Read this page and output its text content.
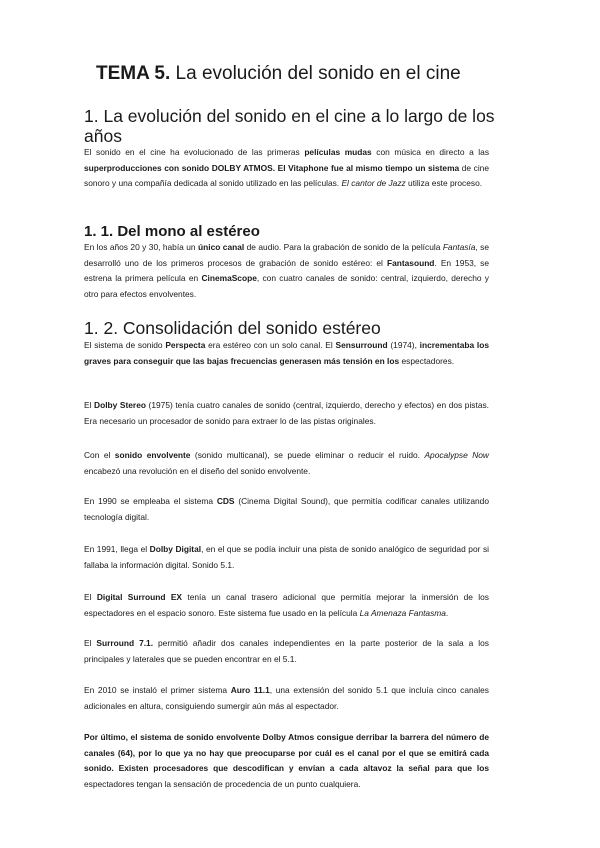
TEMA 5. La evolución del sonido en el cine
1. La evolución del sonido en el cine a lo largo de los años
El sonido en el cine ha evolucionado de las primeras películas mudas con música en directo a las superproducciones con sonido DOLBY ATMOS. El Vitaphone fue al mismo tiempo un sistema de cine sonoro y una compañía dedicada al sonido utilizado en las películas. El cantor de Jazz utiliza este proceso.
1. 1. Del mono al estéreo
En los años 20 y 30, había un único canal de audio. Para la grabación de sonido de la película Fantasía, se desarrolló uno de los primeros procesos de grabación de sonido estéreo: el Fantasound. En 1953, se estrena la primera película en CinemaScope, con cuatro canales de sonido: central, izquierdo, derecho y otro para efectos envolventes.
1. 2. Consolidación del sonido estéreo
El sistema de sonido Perspecta era estéreo con un solo canal. El Sensurround (1974), incrementaba los graves para conseguir que las bajas frecuencias generasen más tensión en los espectadores.
El Dolby Stereo (1975) tenía cuatro canales de sonido (central, izquierdo, derecho y efectos) en dos pistas. Era necesario un procesador de sonido para extraer lo de las pistas originales.
Con el sonido envolvente (sonido multicanal), se puede eliminar o reducir el ruido. Apocalypse Now encabezó una revolución en el diseño del sonido envolvente.
En 1990 se empleaba el sistema CDS (Cinema Digital Sound), que permitía codificar canales utilizando tecnología digital.
En 1991, llega el Dolby Digital, en el que se podía incluir una pista de sonido analógico de seguridad por si fallaba la información digital. Sonido 5.1.
El Digital Surround EX tenía un canal trasero adicional que permitía mejorar la inmersión de los espectadores en el espacio sonoro. Este sistema fue usado en la película La Amenaza Fantasma.
El Surround 7.1. permitió añadir dos canales independientes en la parte posterior de la sala a los principales y laterales que se pueden encontrar en el 5.1.
En 2010 se instaló el primer sistema Auro 11.1, una extensión del sonido 5.1 que incluía cinco canales adicionales en altura, consiguiendo sumergir aún más al espectador.
Por último, el sistema de sonido envolvente Dolby Atmos consigue derribar la barrera del número de canales (64), por lo que ya no hay que preocuparse por cuál es el canal por el que se emitirá cada sonido. Existen procesadores que descodifican y envían a cada altavoz la señal para que los espectadores tengan la sensación de procedencia de un punto cualquiera.
